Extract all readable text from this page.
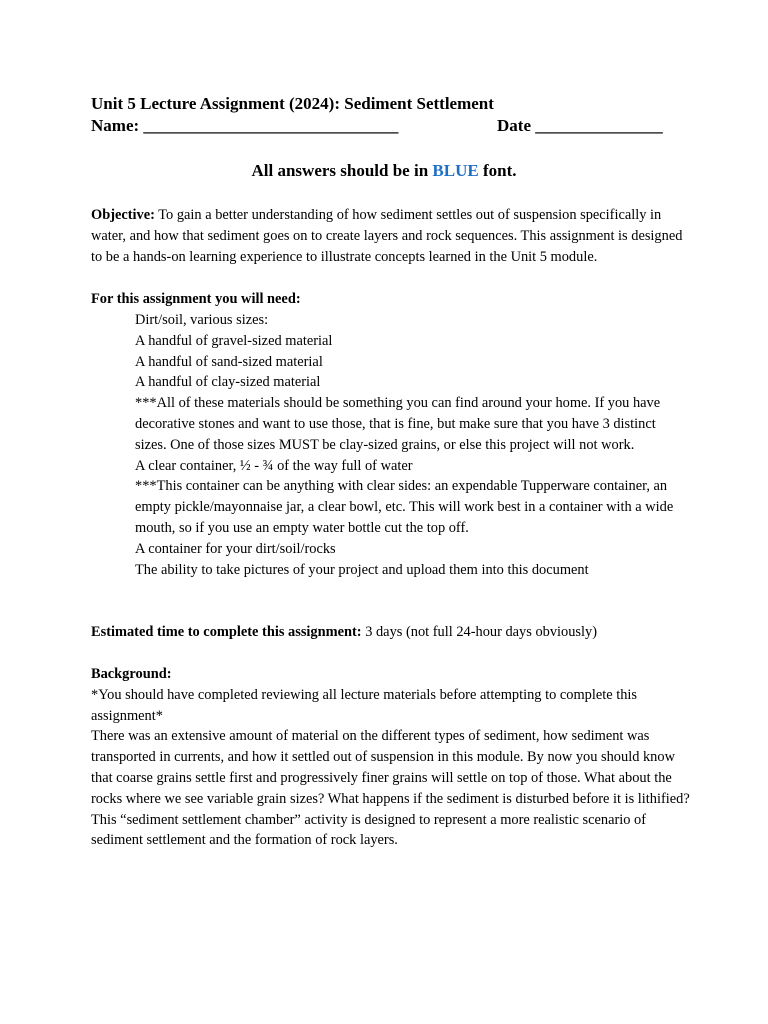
Unit 5 Lecture Assignment (2024): Sediment Settlement
Name: ______________________________	Date _______________
All answers should be in BLUE font.

Objective: To gain a better understanding of how sediment settles out of suspension specifically in water, and how that sediment goes on to create layers and rock sequences. This assignment is designed to be a hands-on learning experience to illustrate concepts learned in the Unit 5 module.

For this assignment you will need:

Dirt/soil, various sizes:
A handful of gravel-sized material
A handful of sand-sized material
A handful of clay-sized material
***All of these materials should be something you can find around your home. If you have decorative stones and want to use those, that is fine, but make sure that you have 3 distinct sizes. One of those sizes MUST be clay-sized grains, or else this project will not work.
A clear container, ½ - ¾ of the way full of water
***This container can be anything with clear sides: an expendable Tupperware container, an empty pickle/mayonnaise jar, a clear bowl, etc. This will work best in a container with a wide mouth, so if you use an empty water bottle cut the top off.
A container for your dirt/soil/rocks
The ability to take pictures of your project and upload them into this document

Estimated time to complete this assignment: 3 days (not full 24-hour days obviously)

Background:
*You should have completed reviewing all lecture materials before attempting to complete this assignment*
There was an extensive amount of material on the different types of sediment, how sediment was transported in currents, and how it settled out of suspension in this module. By now you should know that coarse grains settle first and progressively finer grains will settle on top of those. What about the rocks where we see variable grain sizes? What happens if the sediment is disturbed before it is lithified? This “sediment settlement chamber” activity is designed to represent a more realistic scenario of sediment settlement and the formation of rock layers.
